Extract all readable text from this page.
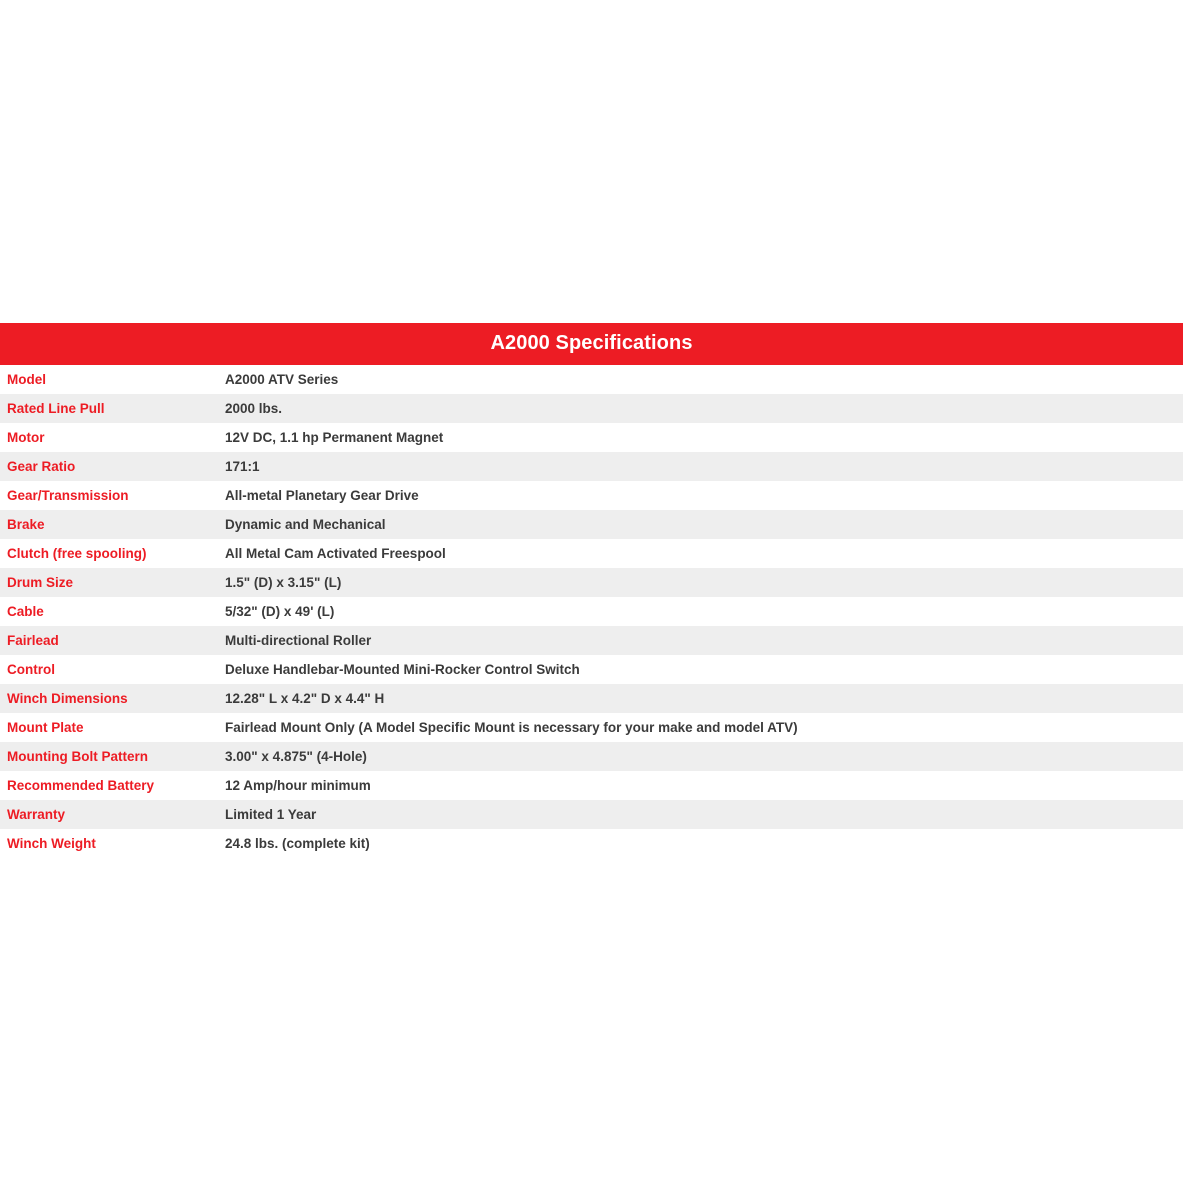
A2000 Specifications
Model	A2000 ATV Series
Rated Line Pull	2000 lbs.
Motor	12V DC, 1.1 hp Permanent Magnet
Gear Ratio	171:1
Gear/Transmission	All-metal Planetary Gear Drive
Brake	Dynamic and Mechanical
Clutch (free spooling)	All Metal Cam Activated Freespool
Drum Size	1.5" (D) x 3.15" (L)
Cable	5/32" (D) x 49' (L)
Fairlead	Multi-directional Roller
Control	Deluxe Handlebar-Mounted Mini-Rocker Control Switch
Winch Dimensions	12.28" L x 4.2" D x 4.4" H
Mount Plate	Fairlead Mount Only (A Model Specific Mount is necessary for your make and model ATV)
Mounting Bolt Pattern	3.00" x 4.875" (4-Hole)
Recommended Battery	12 Amp/hour minimum
Warranty	Limited 1 Year
Winch Weight	24.8 lbs. (complete kit)
